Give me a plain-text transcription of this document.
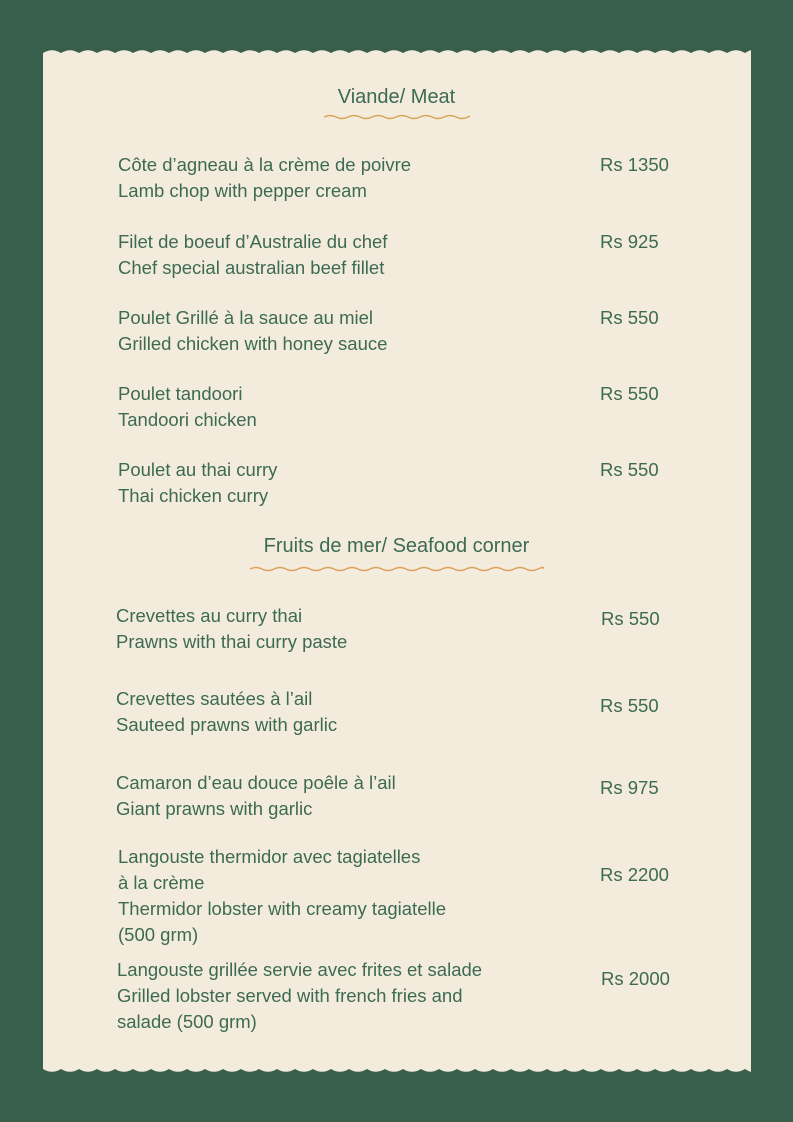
Viande/ Meat
Côte d’agneau à la crème de poivre
Lamb chop with pepper cream
Rs 1350
Filet de boeuf d’Australie du chef
Chef special australian beef fillet
Rs 925
Poulet Grillé à la sauce au miel
Grilled chicken with honey sauce
Rs 550
Poulet tandoori
Tandoori chicken
Rs 550
Poulet au thai curry
Thai chicken curry
Rs 550
Fruits de mer/ Seafood corner
Crevettes au curry thai
Prawns with thai curry paste
Rs 550
Crevettes sautées à l’ail
Sauteed prawns with garlic
Rs 550
Camaron d’eau douce poêle à l’ail
Giant prawns with garlic
Rs 975
Langouste thermidor avec tagiatelles
à la crème
Thermidor lobster with creamy tagiatelle
(500 grm)
Rs 2200
Langouste grillée servie avec frites et salade
Grilled lobster served with french fries and
salade (500 grm)
Rs 2000
